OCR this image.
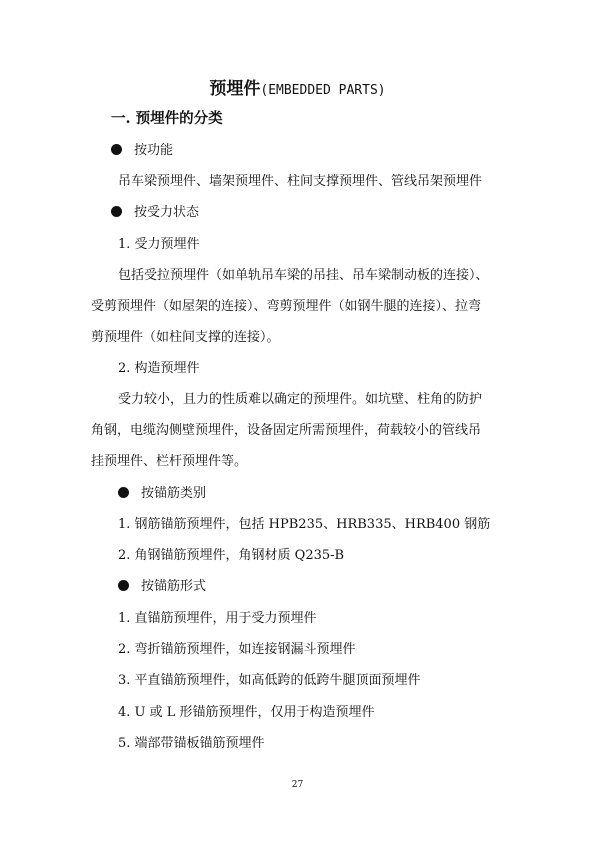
预埋件(EMBEDDED PARTS)
一. 预埋件的分类
按功能
吊车梁预埋件、墙架预埋件、柱间支撑预埋件、管线吊架预埋件
按受力状态
1. 受力预埋件
包括受拉预埋件（如单轨吊车梁的吊挂、吊车梁制动板的连接）、
受剪预埋件（如屋架的连接）、弯剪预埋件（如钢牛腿的连接）、拉弯
剪预埋件（如柱间支撑的连接）。
2. 构造预埋件
受力较小，且力的性质难以确定的预埋件。如坑壁、柱角的防护
角钢，电缆沟侧壁预埋件，设备固定所需预埋件，荷载较小的管线吊
挂预埋件、栏杆预埋件等。
按锚筋类别
1. 钢筋锚筋预埋件，包括 HPB235、HRB335、HRB400 钢筋
2. 角钢锚筋预埋件，角钢材质 Q235-B
按锚筋形式
1. 直锚筋预埋件，用于受力预埋件
2. 弯折锚筋预埋件，如连接钢漏斗预埋件
3. 平直锚筋预埋件，如高低跨的低跨牛腿顶面预埋件
4. U 或 L 形锚筋预埋件，仅用于构造预埋件
5. 端部带锚板锚筋预埋件
27
